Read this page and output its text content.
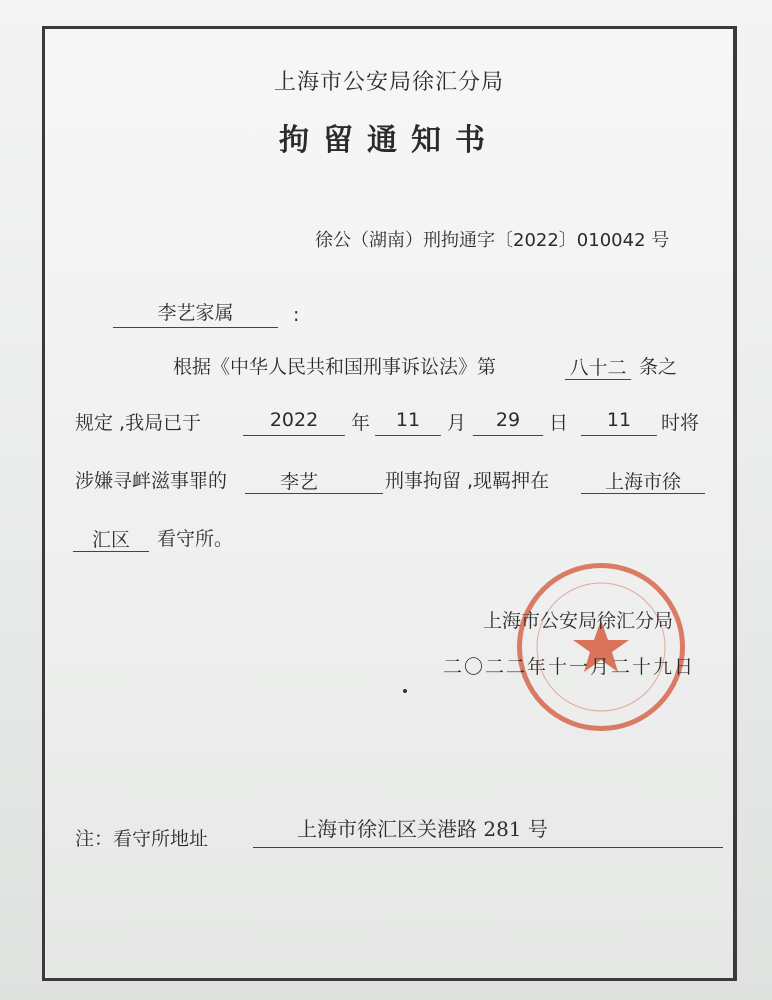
上海市公安局徐汇分局
拘留通知书
徐公（湖南）刑拘通字〔2022〕010042 号
李艺家属	:
根据《中华人民共和国刑事诉讼法》第	八十二 条之
规定 ,我局已于	2022	年	11	月	29	日	11	时将
涉嫌寻衅滋事罪的	李艺	刑事拘留 ,现羁押在	上海市徐
汇区	看守所。
上海市公安局徐汇分局
二〇二二年十一月二十九日
注：看守所地址	上海市徐汇区关港路 281 号
